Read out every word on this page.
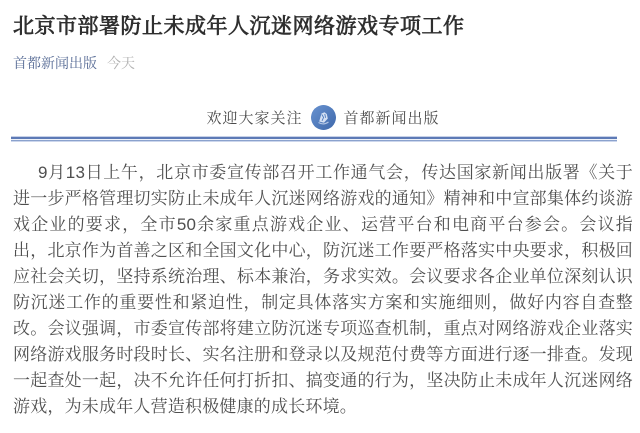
北京市部署防止未成年人沉迷网络游戏专项工作
首都新闻出版 今天
欢迎大家关注	首都新闻出版

9月13日上午，北京市委宣传部召开工作通气会，传达国家新闻出版署《关于进一步严格管理切实防止未成年人沉迷网络游戏的通知》精神和中宣部集体约谈游戏企业的要求，全市50余家重点游戏企业、运营平台和电商平台参会。会议指出，北京作为首善之区和全国文化中心，防沉迷工作要严格落实中央要求，积极回应社会关切，坚持系统治理、标本兼治，务求实效。会议要求各企业单位深刻认识防沉迷工作的重要性和紧迫性，制定具体落实方案和实施细则，做好内容自查整改。会议强调，市委宣传部将建立防沉迷专项巡查机制，重点对网络游戏企业落实网络游戏服务时段时长、实名注册和登录以及规范付费等方面进行逐一排查。发现一起查处一起，决不允许任何打折扣、搞变通的行为，坚决防止未成年人沉迷网络游戏，为未成年人营造积极健康的成长环境。
